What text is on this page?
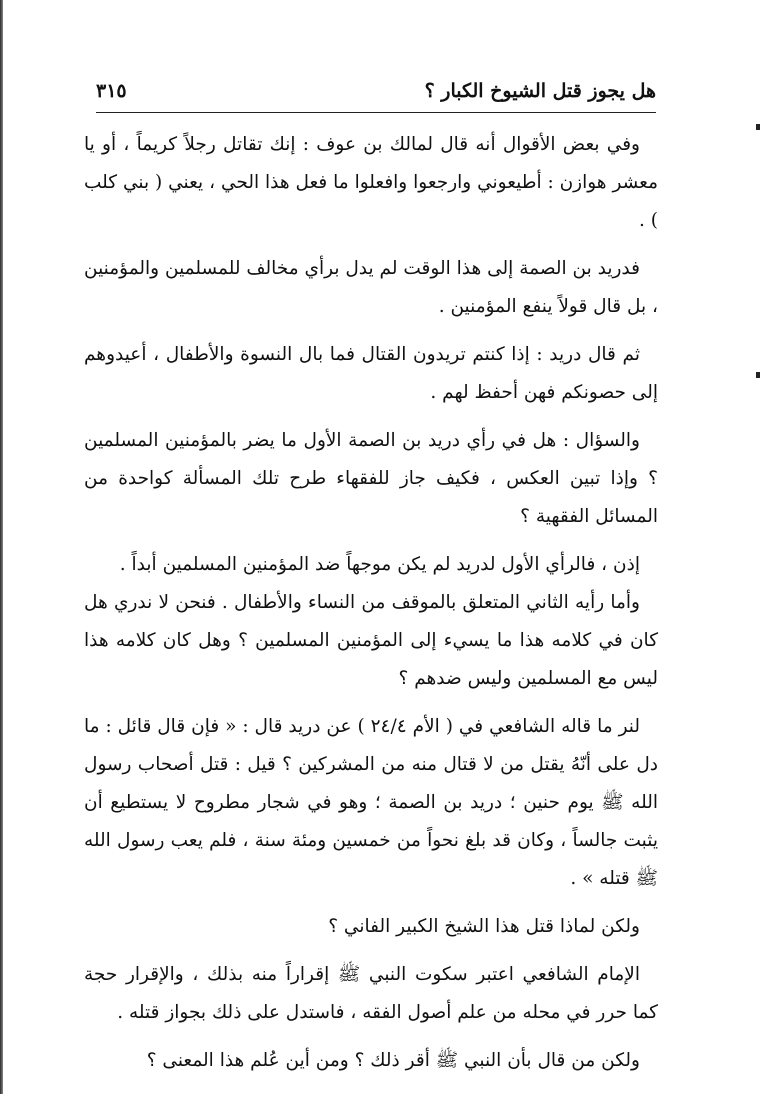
هل يجوز قتل الشيوخ الكبار ؟
٣١٥

وفي بعض الأقوال أنه قال لمالك بن عوف : إنك تقاتل رجلاً كريماً ، أو يا معشر هوازن : أطيعوني وارجعوا وافعلوا ما فعل هذا الحي ، يعني ( بني كلب ) .

فدريد بن الصمة إلى هذا الوقت لم يدل برأي مخالف للمسلمين والمؤمنين ، بل قال قولاً ينفع المؤمنين .

ثم قال دريد : إذا كنتم تريدون القتال فما بال النسوة والأطفال ، أعيدوهم إلى حصونكم فهن أحفظ لهم .

والسؤال : هل في رأي دريد بن الصمة الأول ما يضر بالمؤمنين المسلمين ؟ وإذا تبين العكس ، فكيف جاز للفقهاء طرح تلك المسألة كواحدة من المسائل الفقهية ؟

إذن ، فالرأي الأول لدريد لم يكن موجهاً ضد المؤمنين المسلمين أبداً .

وأما رأيه الثاني المتعلق بالموقف من النساء والأطفال . فنحن لا ندري هل كان في كلامه هذا ما يسيء إلى المؤمنين المسلمين ؟ وهل كان كلامه هذا ليس مع المسلمين وليس ضدهم ؟

لنر ما قاله الشافعي في ( الأم ٢٤/٤ ) عن دريد قال : « فإن قال قائل : ما دل على أنّهُ يقتل من لا قتال منه من المشركين ؟ قيل : قتل أصحاب رسول الله ﷺ يوم حنين ؛ دريد بن الصمة ؛ وهو في شجار مطروح لا يستطيع أن يثبت جالساً ، وكان قد بلغ نحواً من خمسين ومئة سنة ، فلم يعب رسول الله ﷺ قتله » .

ولكن لماذا قتل هذا الشيخ الكبير الفاني ؟

الإمام الشافعي اعتبر سكوت النبي ﷺ إقراراً منه بذلك ، والإقرار حجة كما حرر في محله من علم أصول الفقه ، فاستدل على ذلك بجواز قتله .

ولكن من قال بأن النبي ﷺ أقر ذلك ؟ ومن أين عُلم هذا المعنى ؟
